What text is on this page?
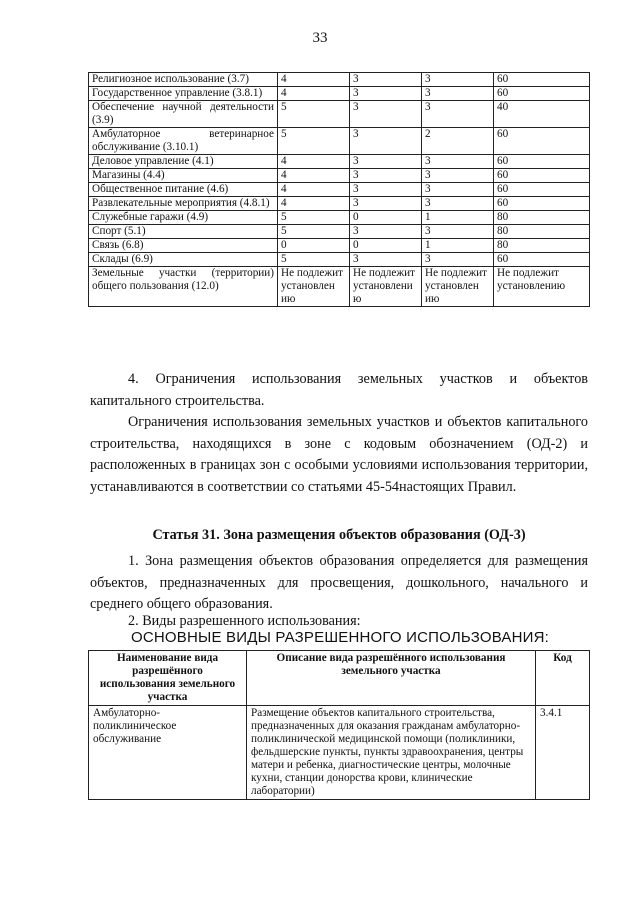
33
Религиозное использование (3.7)	4	3	3	60
Государственное управление (3.8.1)	4	3	3	60
Обеспечение научной деятельности (3.9)	5	3	3	40
Амбулаторное ветеринарное обслуживание (3.10.1)	5	3	2	60
Деловое управление (4.1)	4	3	3	60
Магазины (4.4)	4	3	3	60
Общественное питание (4.6)	4	3	3	60
Развлекательные мероприятия (4.8.1)	4	3	3	60
Служебные гаражи (4.9)	5	0	1	80
Спорт (5.1)	5	3	3	80
Связь (6.8)	0	0	1	80
Склады (6.9)	5	3	3	60
Земельные участки (территории) общего пользования (12.0)	Не подлежит установлен ию	Не подлежит установлени ю	Не подлежит установлен ию	Не подлежит установлению
4. Ограничения использования земельных участков и объектов капитального строительства.
Ограничения использования земельных участков и объектов капитального строительства, находящихся в зоне с кодовым обозначением (ОД-2) и расположенных в границах зон с особыми условиями использования территории, устанавливаются в соответствии со статьями 45-54настоящих Правил.
Статья 31. Зона размещения объектов образования (ОД-3)
1. Зона размещения объектов образования определяется для размещения объектов, предназначенных для просвещения, дошкольного, начального и среднего общего образования.
2. Виды разрешенного использования:
ОСНОВНЫЕ ВИДЫ РАЗРЕШЕННОГО ИСПОЛЬЗОВАНИЯ:
Наименование вида разрешённого использования земельного участка	Описание вида разрешённого использования земельного участка	Код
Амбулаторно-поликлиническое обслуживание	Размещение объектов капитального строительства, предназначенных для оказания гражданам амбулаторно-поликлинической медицинской помощи (поликлиники, фельдшерские пункты, пункты здравоохранения, центры матери и ребенка, диагностические центры, молочные кухни, станции донорства крови, клинические лаборатории)	3.4.1
